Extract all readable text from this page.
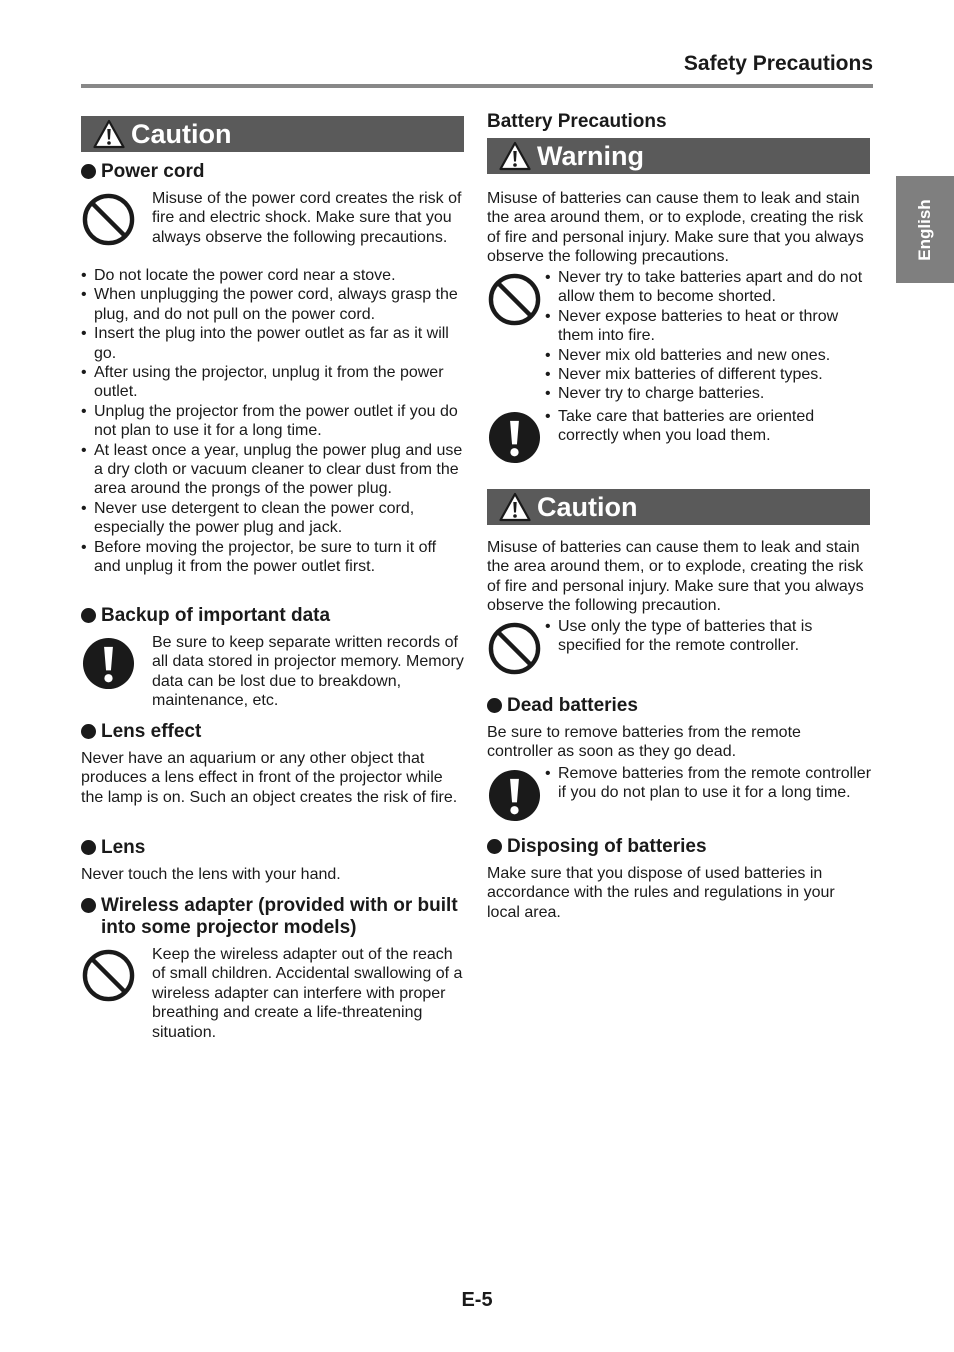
Safety Precautions
English
Caution
Power cord
Misuse of the power cord creates the risk of fire and electric shock. Make sure that you always observe the following precautions.
• Do not locate the power cord near a stove.
• When unplugging the power cord, always grasp the plug, and do not pull on the power cord.
• Insert the plug into the power outlet as far as it will go.
• After using the projector, unplug it from the power outlet.
• Unplug the projector from the power outlet if you do not plan to use it for a long time.
• At least once a year, unplug the power plug and use a dry cloth or vacuum cleaner to clear dust from the area around the prongs of the power plug.
• Never use detergent to clean the power cord, especially the power plug and jack.
• Before moving the projector, be sure to turn it off and unplug it from the power outlet first.
Backup of important data
Be sure to keep separate written records of all data stored in projector memory. Memory data can be lost due to breakdown, maintenance, etc.
Lens effect
Never have an aquarium or any other object that produces a lens effect in front of the projector while the lamp is on. Such an object creates the risk of fire.
Lens
Never touch the lens with your hand.
Wireless adapter (provided with or built into some projector models)
Keep the wireless adapter out of the reach of small children. Accidental swallowing of a wireless adapter can interfere with proper breathing and create a life-threatening situation.
Battery Precautions
Warning
Misuse of batteries can cause them to leak and stain the area around them, or to explode, creating the risk of fire and personal injury. Make sure that you always observe the following precautions.
• Never try to take batteries apart and do not allow them to become shorted.
• Never expose batteries to heat or throw them into fire.
• Never mix old batteries and new ones.
• Never mix batteries of different types.
• Never try to charge batteries.
• Take care that batteries are oriented correctly when you load them.
Caution
Misuse of batteries can cause them to leak and stain the area around them, or to explode, creating the risk of fire and personal injury. Make sure that you always observe the following precaution.
• Use only the type of batteries that is specified for the remote controller.
Dead batteries
Be sure to remove batteries from the remote controller as soon as they go dead.
• Remove batteries from the remote controller if you do not plan to use it for a long time.
Disposing of batteries
Make sure that you dispose of used batteries in accordance with the rules and regulations in your local area.
E-5
